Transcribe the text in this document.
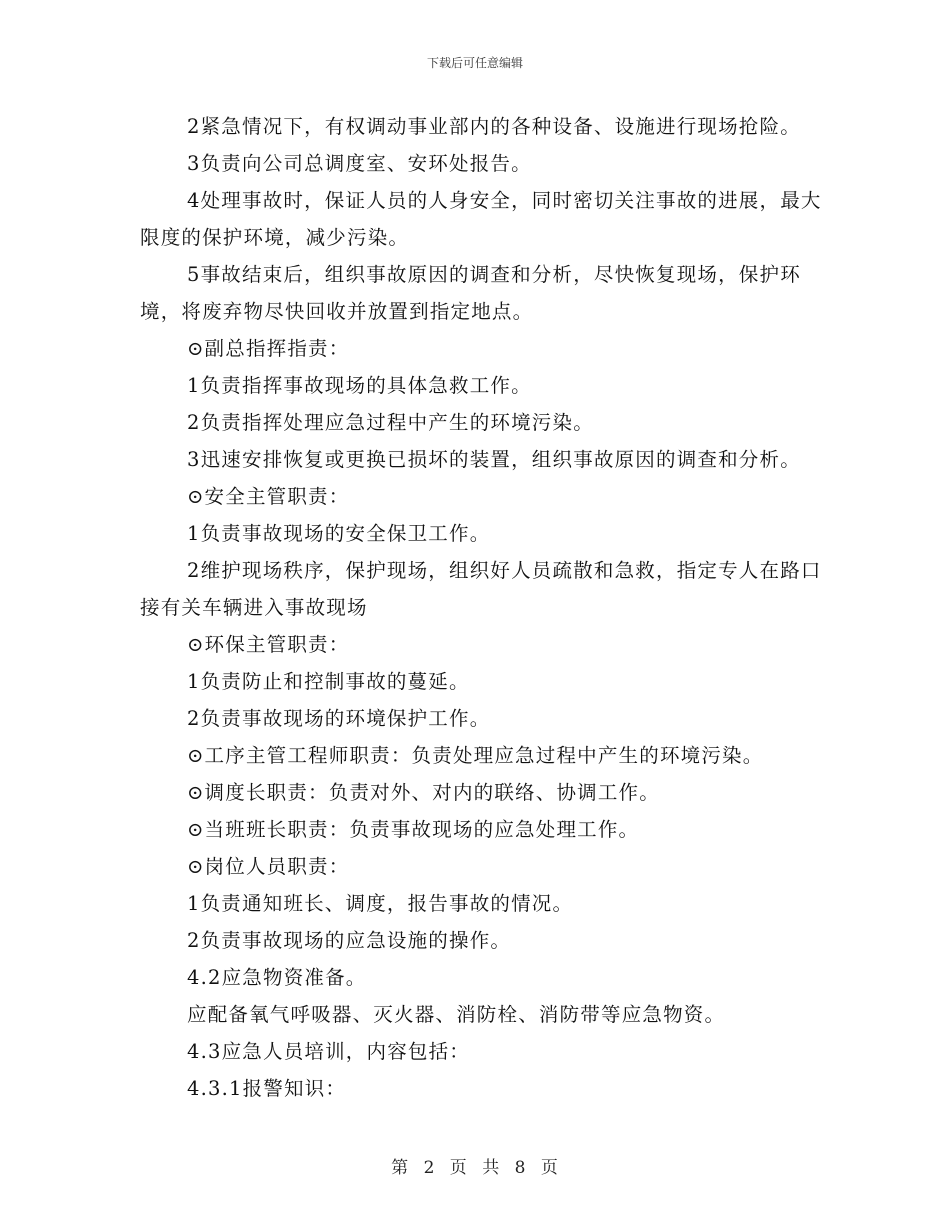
下载后可任意编辑

2紧急情况下，有权调动事业部内的各种设备、设施进行现场抢险。

3负责向公司总调度室、安环处报告。

4处理事故时，保证人员的人身安全，同时密切关注事故的进展，最大限度的保护环境，减少污染。

5事故结束后，组织事故原因的调查和分析，尽快恢复现场，保护环境，将废弃物尽快回收并放置到指定地点。

⊙副总指挥指责：

1负责指挥事故现场的具体急救工作。

2负责指挥处理应急过程中产生的环境污染。

3迅速安排恢复或更换已损坏的装置，组织事故原因的调查和分析。

⊙安全主管职责：

1负责事故现场的安全保卫工作。

2维护现场秩序，保护现场，组织好人员疏散和急救，指定专人在路口接有关车辆进入事故现场

⊙环保主管职责：

1负责防止和控制事故的蔓延。

2负责事故现场的环境保护工作。

⊙工序主管工程师职责：负责处理应急过程中产生的环境污染。

⊙调度长职责：负责对外、对内的联络、协调工作。

⊙当班班长职责：负责事故现场的应急处理工作。

⊙岗位人员职责：

1负责通知班长、调度，报告事故的情况。

2负责事故现场的应急设施的操作。

4.2应急物资准备。

应配备氧气呼吸器、灭火器、消防栓、消防带等应急物资。

4.3应急人员培训，内容包括：

4.3.1报警知识：

第 2 页 共 8 页
